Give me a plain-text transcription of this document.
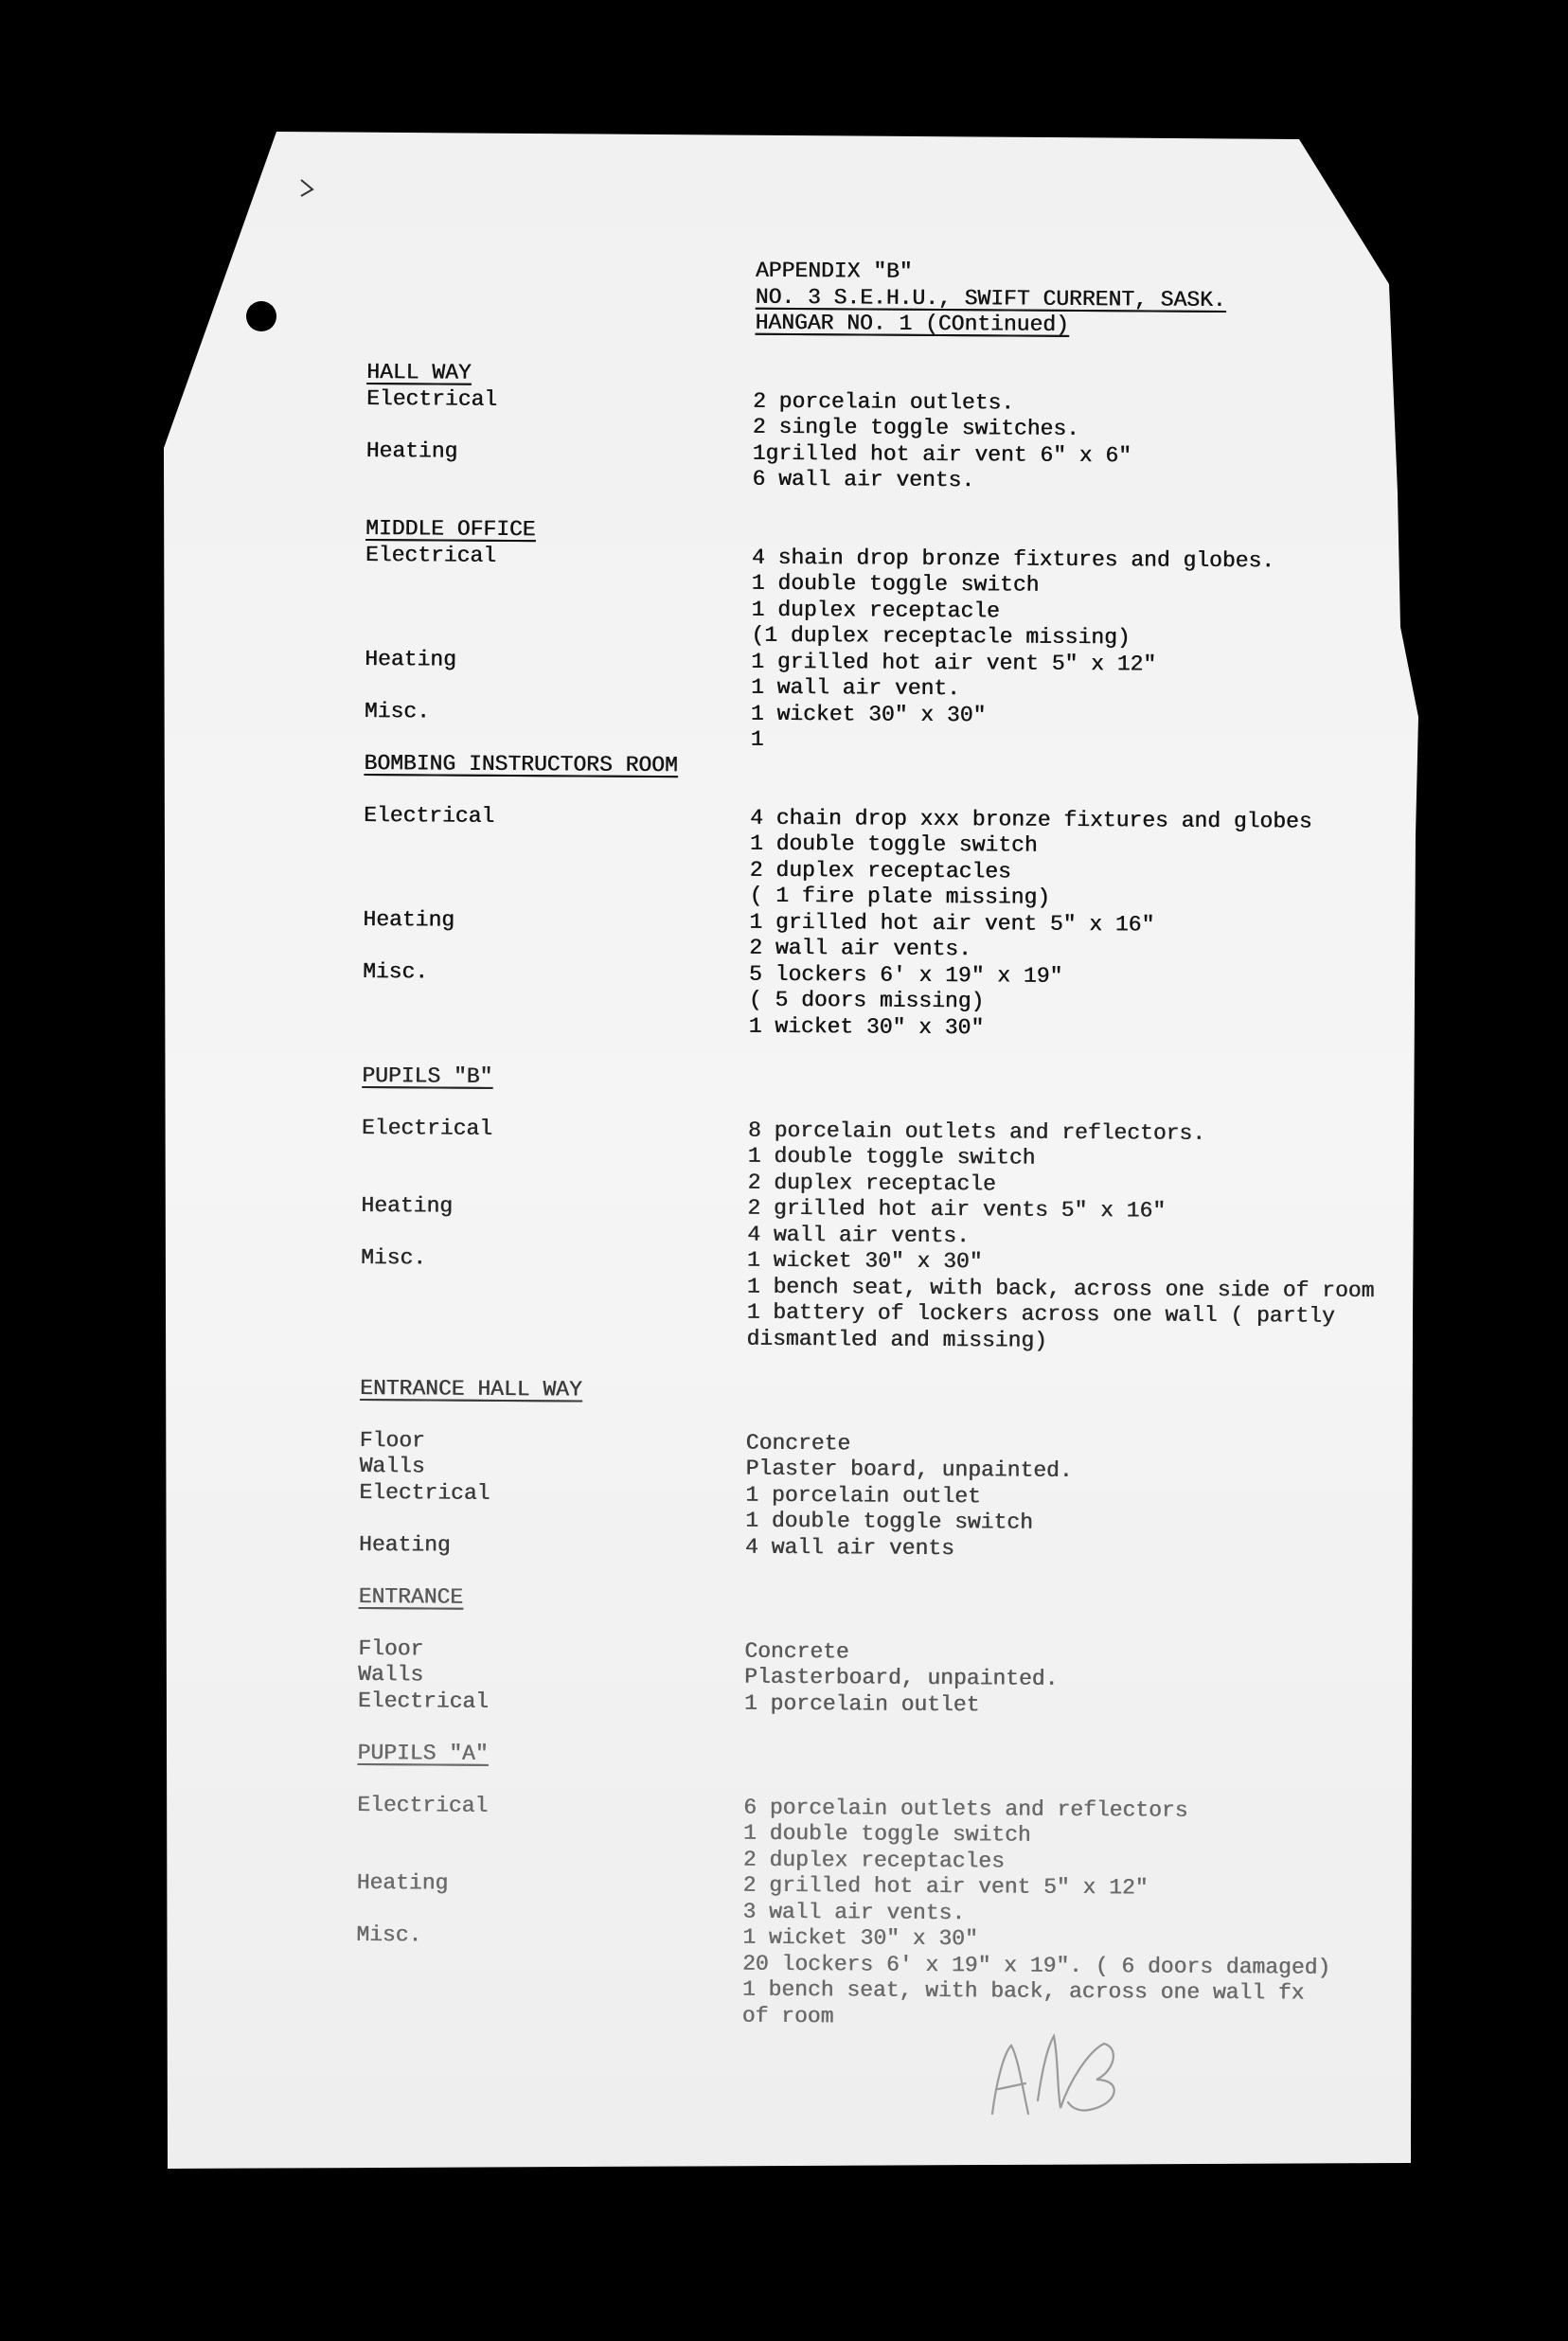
APPENDIX "B"

NO. 3 S.E.H.U., SWIFT CURRENT, SASK.

HANGAR NO. 1 (COntinued)

HALL WAY

Electrical

	2 porcelain outlets.

2 single toggle switches.

Heating

	1grilled hot air vent 6" x 6"

6 wall air vents.

MIDDLE OFFICE

Electrical

	4 shain drop bronze fixtures and globes.

1 double toggle switch

1 duplex receptacle

(1 duplex receptacle missing)

Heating

	1 grilled hot air vent 5" x 12"

1 wall air vent.

Misc.

	1 wicket 30" x 30"

1

BOMBING INSTRUCTORS ROOM

Electrical

	4 chain drop xxx bronze fixtures and globes

1 double toggle switch

2 duplex receptacles

( 1 fire plate missing)

Heating

	1 grilled hot air vent 5" x 16"

2 wall air vents.

Misc.

	5 lockers 6' x 19" x 19"

( 5 doors missing)

1 wicket 30" x 30"

PUPILS "B"

Electrical

	8 porcelain outlets and reflectors.

1 double toggle switch

2 duplex receptacle

Heating

	2 grilled hot air vents 5" x 16"

4 wall air vents.

Misc.

	1 wicket 30" x 30"

1 bench seat, with back, across one side of room

1 battery of lockers across one wall ( partly

dismantled and missing)

ENTRANCE HALL WAY

Floor

	Concrete

Walls

	Plaster board, unpainted.

Electrical

	1 porcelain outlet

1 double toggle switch

Heating

	4 wall air vents

ENTRANCE

Floor

	Concrete

Walls

	Plasterboard, unpainted.

Electrical

	1 porcelain outlet

PUPILS "A"

Electrical

	6 porcelain outlets and reflectors

1 double toggle switch

2 duplex receptacles

Heating

	2 grilled hot air vent 5" x 12"

3 wall air vents.

Misc.

	1 wicket 30" x 30"

20 lockers 6' x 19" x 19". ( 6 doors damaged)

1 bench seat, with back, across one wall fx

of room
